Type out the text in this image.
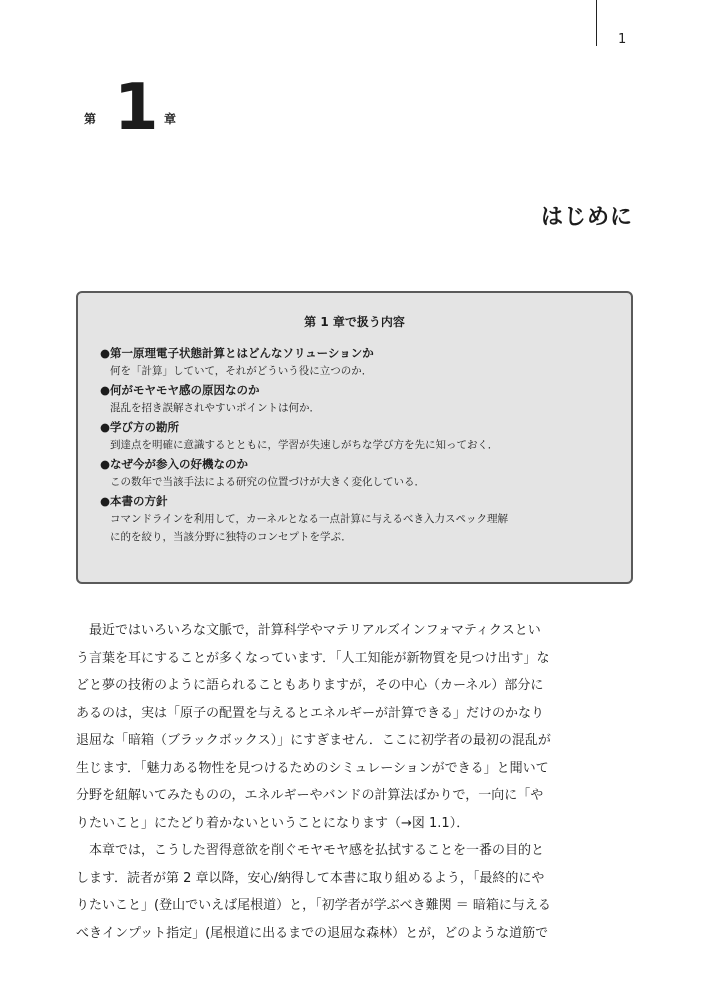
1
第 1 章
はじめに
第 1 章で扱う内容
●第一原理電子状態計算とはどんなソリューションか
何を「計算」していて，それがどういう役に立つのか．
●何がモヤモヤ感の原因なのか
混乱を招き誤解されやすいポイントは何か．
●学び方の勘所
到達点を明確に意識するとともに，学習が失速しがちな学び方を先に知っておく．
●なぜ今が参入の好機なのか
この数年で当該手法による研究の位置づけが大きく変化している．
●本書の方針
コマンドラインを利用して，カーネルとなる一点計算に与えるべき入力スペック理解
に的を絞り，当該分野に独特のコンセプトを学ぶ．
　最近ではいろいろな文脈で，計算科学やマテリアルズインフォマティクスとい
う言葉を耳にすることが多くなっています．「人工知能が新物質を見つけ出す」な
どと夢の技術のように語られることもありますが，その中心（カーネル）部分に
あるのは，実は「原子の配置を与えるとエネルギーが計算できる」だけのかなり
退屈な「暗箱（ブラックボックス）」にすぎません．ここに初学者の最初の混乱が
生じます．「魅力ある物性を見つけるためのシミュレーションができる」と聞いて
分野を紐解いてみたものの，エネルギーやバンドの計算法ばかりで，一向に「や
りたいこと」にたどり着かないということになります（→図 1.1）．
　本章では，こうした習得意欲を削ぐモヤモヤ感を払拭することを一番の目的と
します．読者が第 2 章以降，安心/納得して本書に取り組めるよう，「最終的にや
りたいこと」(登山でいえば尾根道）と，「初学者が学ぶべき難関 ＝ 暗箱に与える
べきインプット指定」(尾根道に出るまでの退屈な森林）とが，どのような道筋で
